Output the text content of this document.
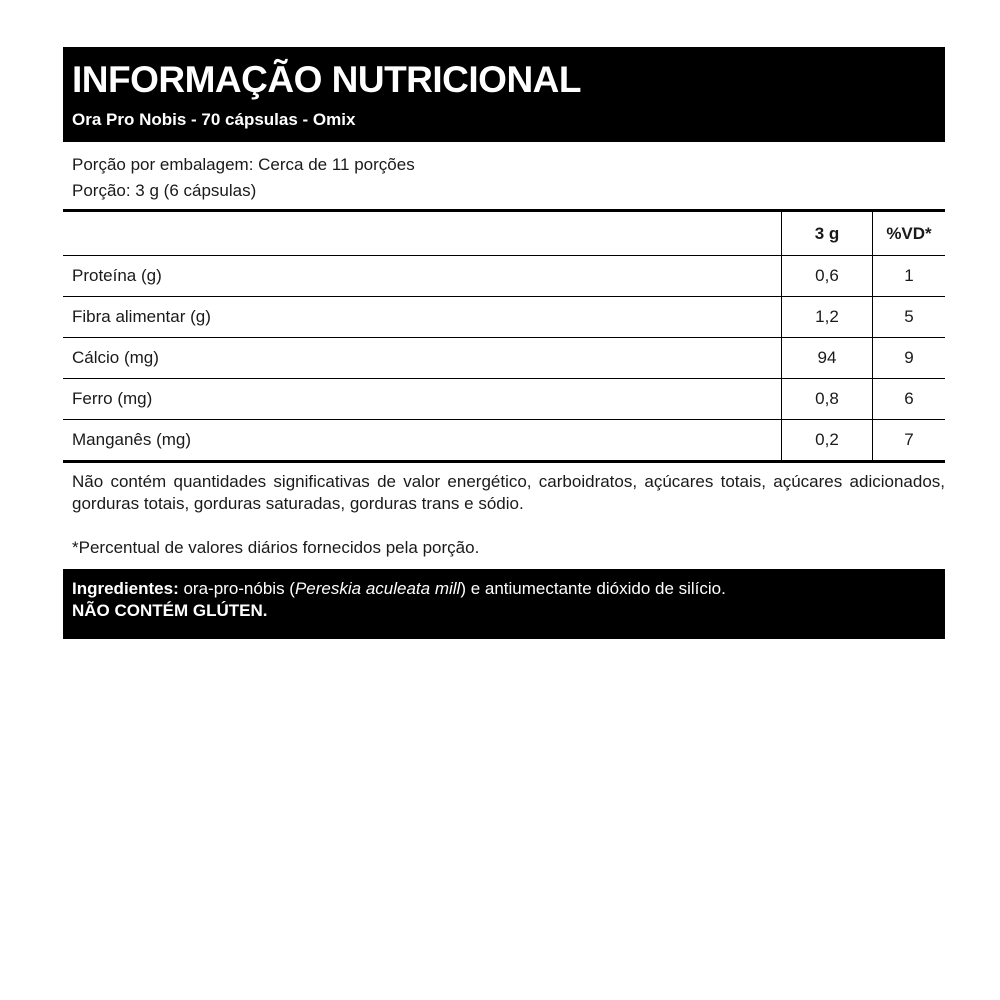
INFORMAÇÃO NUTRICIONAL
Ora Pro Nobis - 70 cápsulas - Omix
Porção por embalagem: Cerca de 11 porções
Porção: 3 g (6 cápsulas)
	3 g	%VD*
Proteína (g)	0,6	1
Fibra alimentar (g)	1,2	5
Cálcio (mg)	94	9
Ferro (mg)	0,8	6
Manganês (mg)	0,2	7

Não contém quantidades significativas de valor energético, carboidratos, açúcares totais, açúcares adicionados, gorduras totais, gorduras saturadas, gorduras trans e sódio.

*Percentual de valores diários fornecidos pela porção.

Ingredientes: ora-pro-nóbis (Pereskia aculeata mill) e antiumectante dióxido de silício.
NÃO CONTÉM GLÚTEN.
